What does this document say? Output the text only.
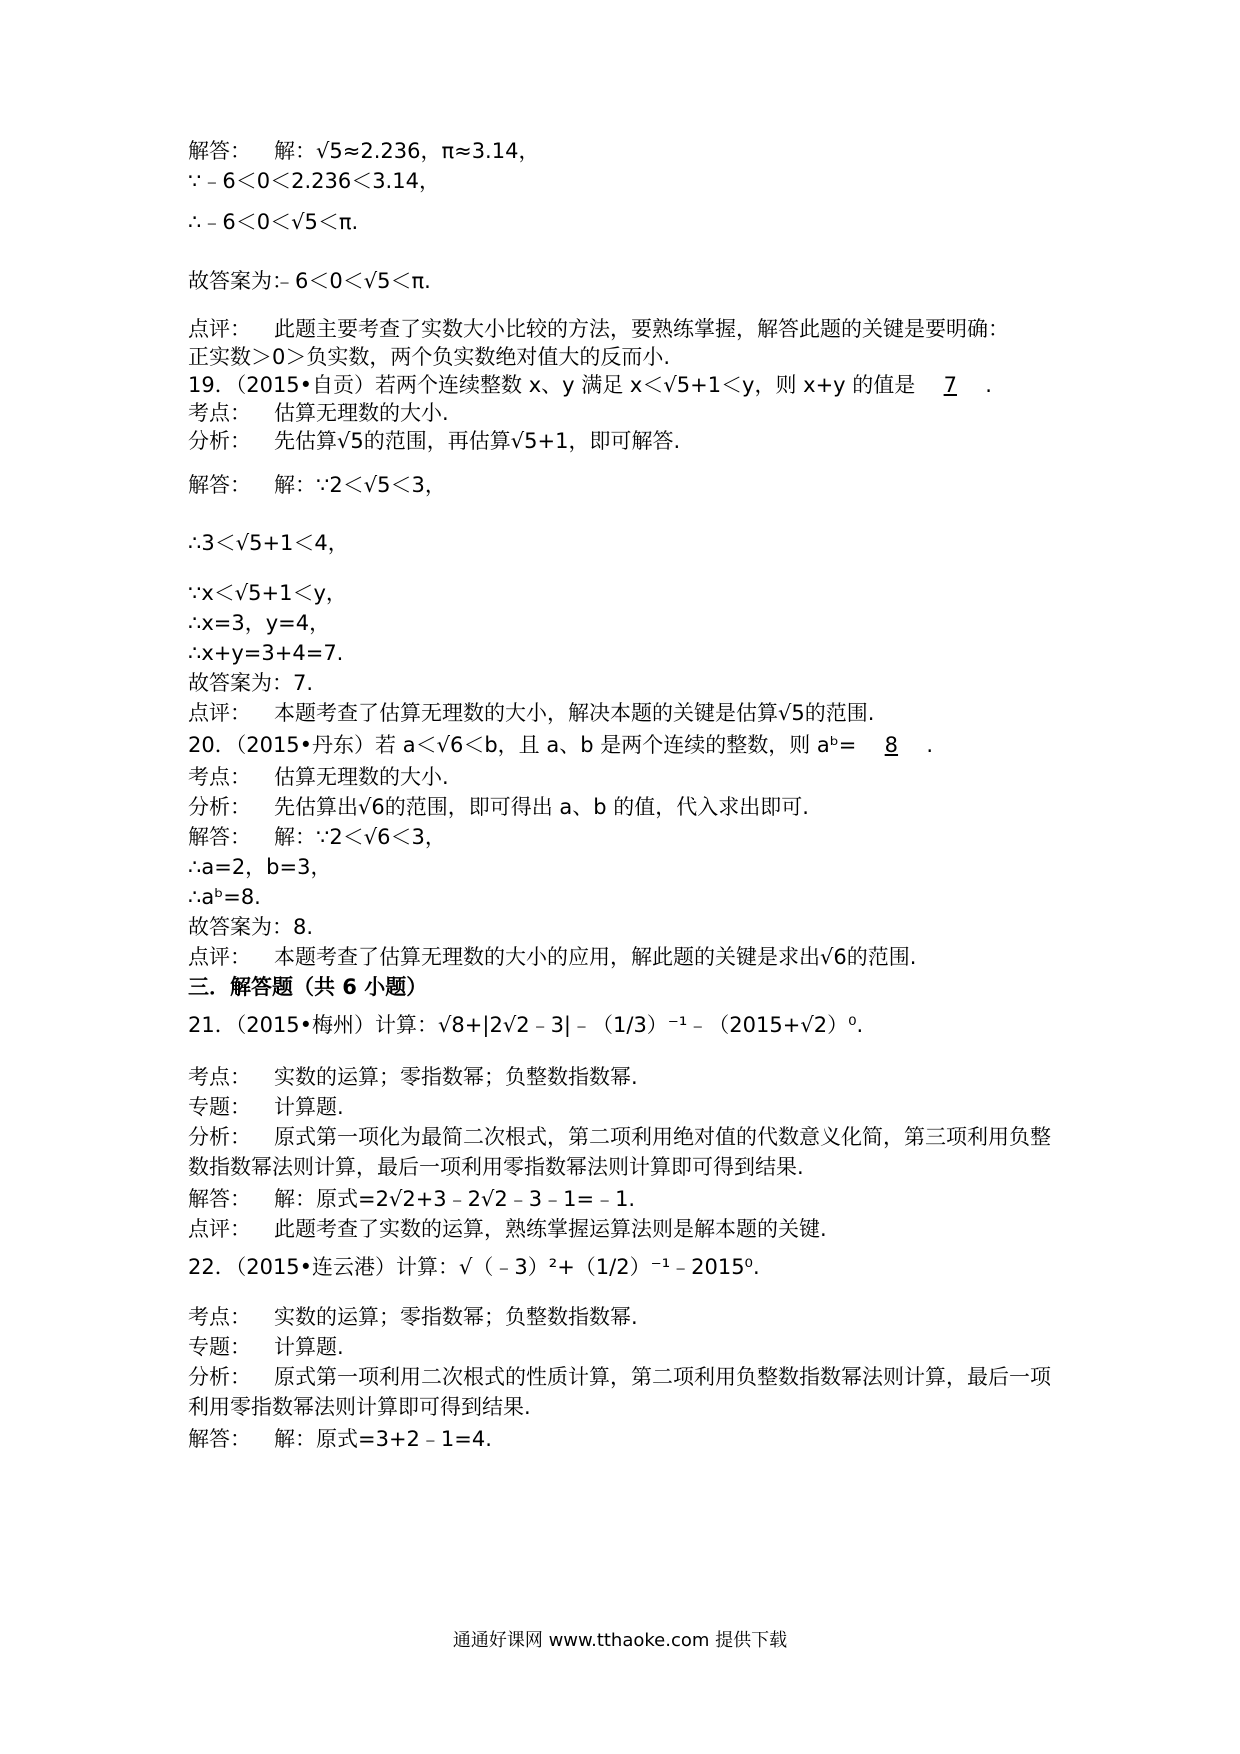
解答： 解：√5≈2.236，π≈3.14，
∵﹣6＜0＜2.236＜3.14，
∴﹣6＜0＜√5＜π.
故答案为：﹣6＜0＜√5＜π.
点评： 此题主要考查了实数大小比较的方法，要熟练掌握，解答此题的关键是要明确：
正实数＞0＞负实数，两个负实数绝对值大的反而小.
19．（2015•自贡）若两个连续整数 x、y 满足 x＜√5+1＜y，则 x+y 的值是 7 .
考点： 估算无理数的大小.
分析： 先估算√5的范围，再估算√5+1，即可解答.
解答： 解：∵2＜√5＜3，
∴3＜√5+1＜4，
∵x＜√5+1＜y，
∴x=3，y=4，
∴x+y=3+4=7.
故答案为：7.
点评： 本题考查了估算无理数的大小，解决本题的关键是估算√5的范围.
20．（2015•丹东）若 a＜√6＜b，且 a、b 是两个连续的整数，则 aᵇ= 8 .
考点： 估算无理数的大小.
分析： 先估算出√6的范围，即可得出 a、b 的值，代入求出即可.
解答： 解：∵2＜√6＜3，
∴a=2，b=3，
∴aᵇ=8.
故答案为：8.
点评： 本题考查了估算无理数的大小的应用，解此题的关键是求出√6的范围.
三．解答题（共 6 小题）
21．（2015•梅州）计算：√8+|2√2﹣3|﹣（1/3）⁻¹﹣（2015+√2）⁰.
考点： 实数的运算；零指数幂；负整数指数幂.
专题： 计算题.
分析： 原式第一项化为最简二次根式，第二项利用绝对值的代数意义化简，第三项利用负整数指数幂法则计算，最后一项利用零指数幂法则计算即可得到结果.
解答： 解：原式=2√2+3﹣2√2﹣3﹣1=﹣1.
点评： 此题考查了实数的运算，熟练掌握运算法则是解本题的关键.
22．（2015•连云港）计算：√（﹣3）²+（1/2）⁻¹﹣2015⁰.
考点： 实数的运算；零指数幂；负整数指数幂.
专题： 计算题.
分析： 原式第一项利用二次根式的性质计算，第二项利用负整数指数幂法则计算，最后一项利用零指数幂法则计算即可得到结果.
解答： 解：原式=3+2﹣1=4.
通通好课网 www.tthaoke.com 提供下载
